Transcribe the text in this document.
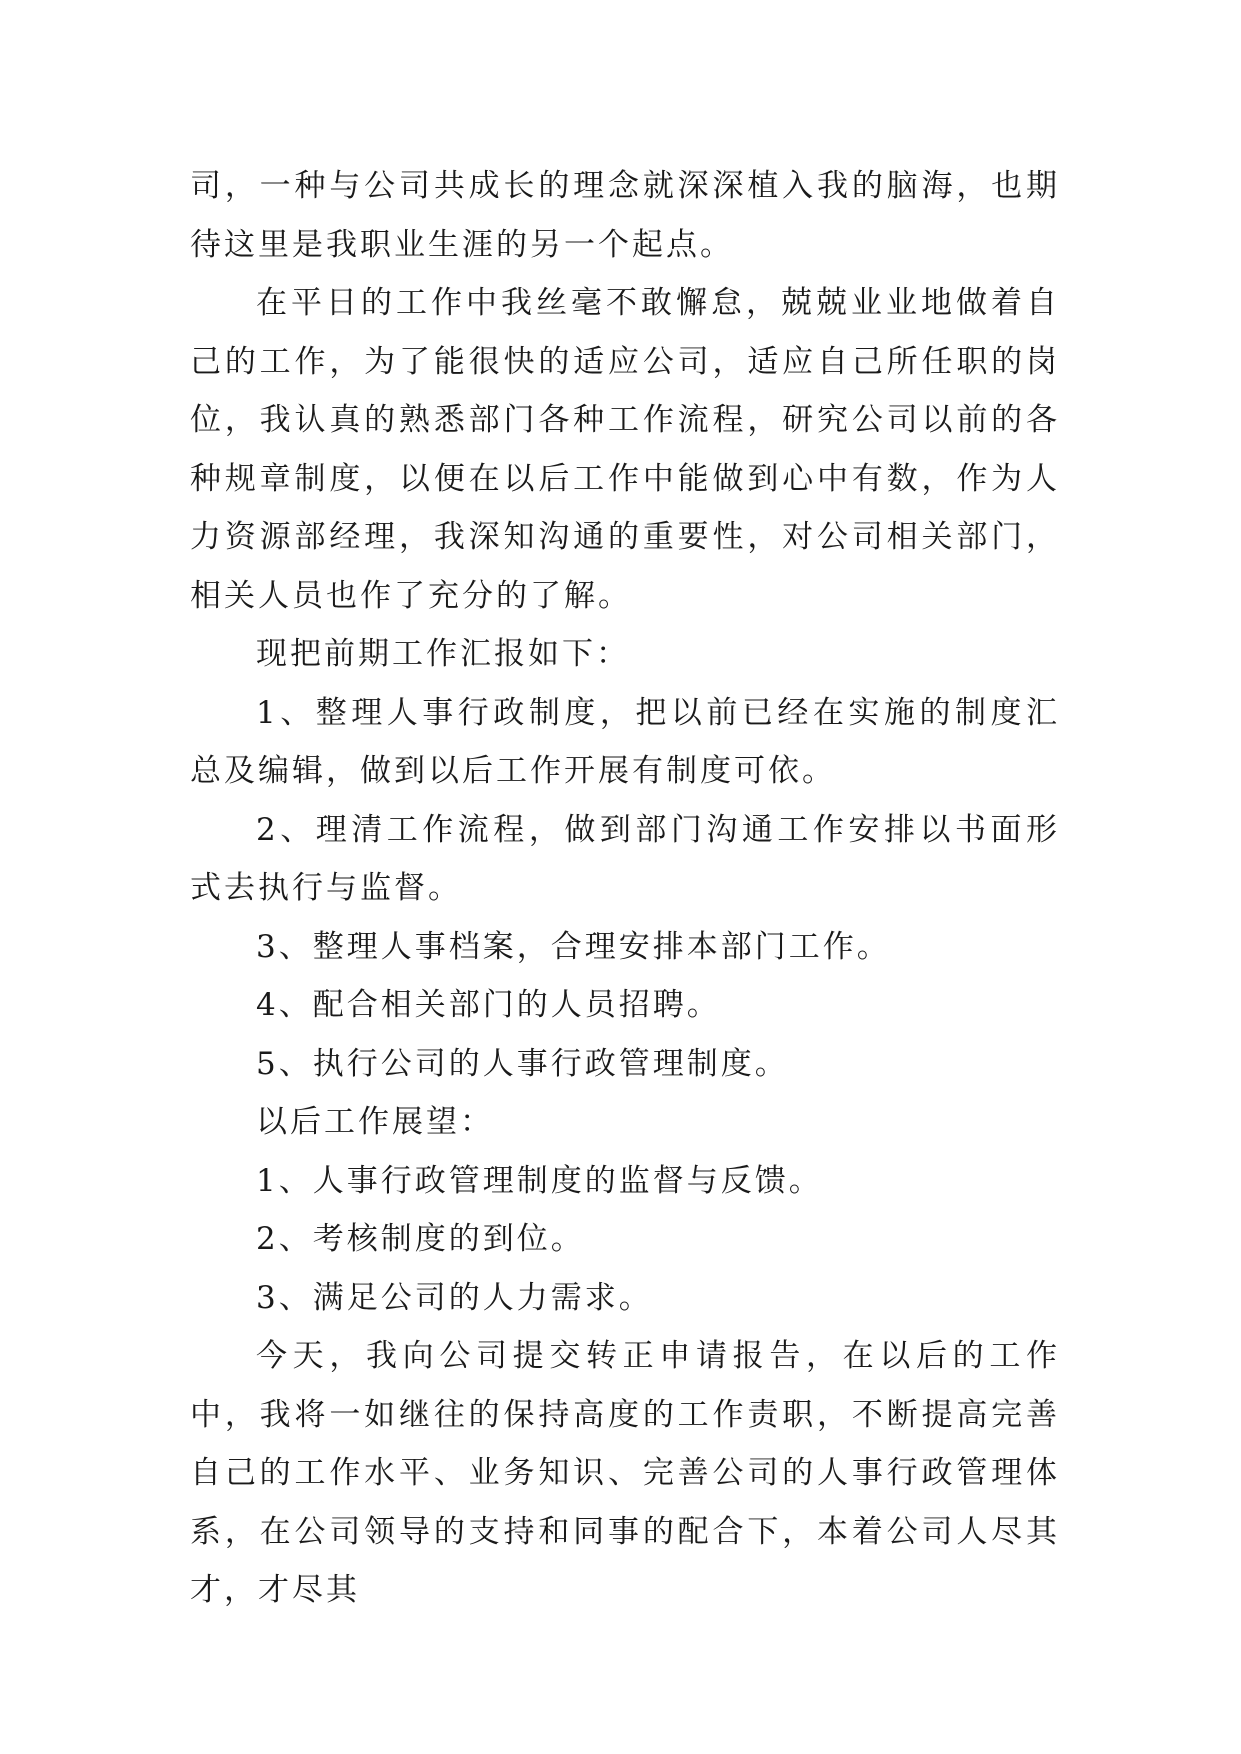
司，一种与公司共成长的理念就深深植入我的脑海，也期待这里是我职业生涯的另一个起点。

在平日的工作中我丝毫不敢懈怠，兢兢业业地做着自己的工作，为了能很快的适应公司，适应自己所任职的岗位，我认真的熟悉部门各种工作流程，研究公司以前的各种规章制度，以便在以后工作中能做到心中有数，作为人力资源部经理，我深知沟通的重要性，对公司相关部门，相关人员也作了充分的了解。

现把前期工作汇报如下：

1、整理人事行政制度，把以前已经在实施的制度汇总及编辑，做到以后工作开展有制度可依。

2、理清工作流程，做到部门沟通工作安排以书面形式去执行与监督。

3、整理人事档案，合理安排本部门工作。

4、配合相关部门的人员招聘。

5、执行公司的人事行政管理制度。

以后工作展望：

1、人事行政管理制度的监督与反馈。

2、考核制度的到位。

3、满足公司的人力需求。

今天，我向公司提交转正申请报告，在以后的工作中，我将一如继往的保持高度的工作责职，不断提高完善自己的工作水平、业务知识、完善公司的人事行政管理体系，在公司领导的支持和同事的配合下，本着公司人尽其才，才尽其
